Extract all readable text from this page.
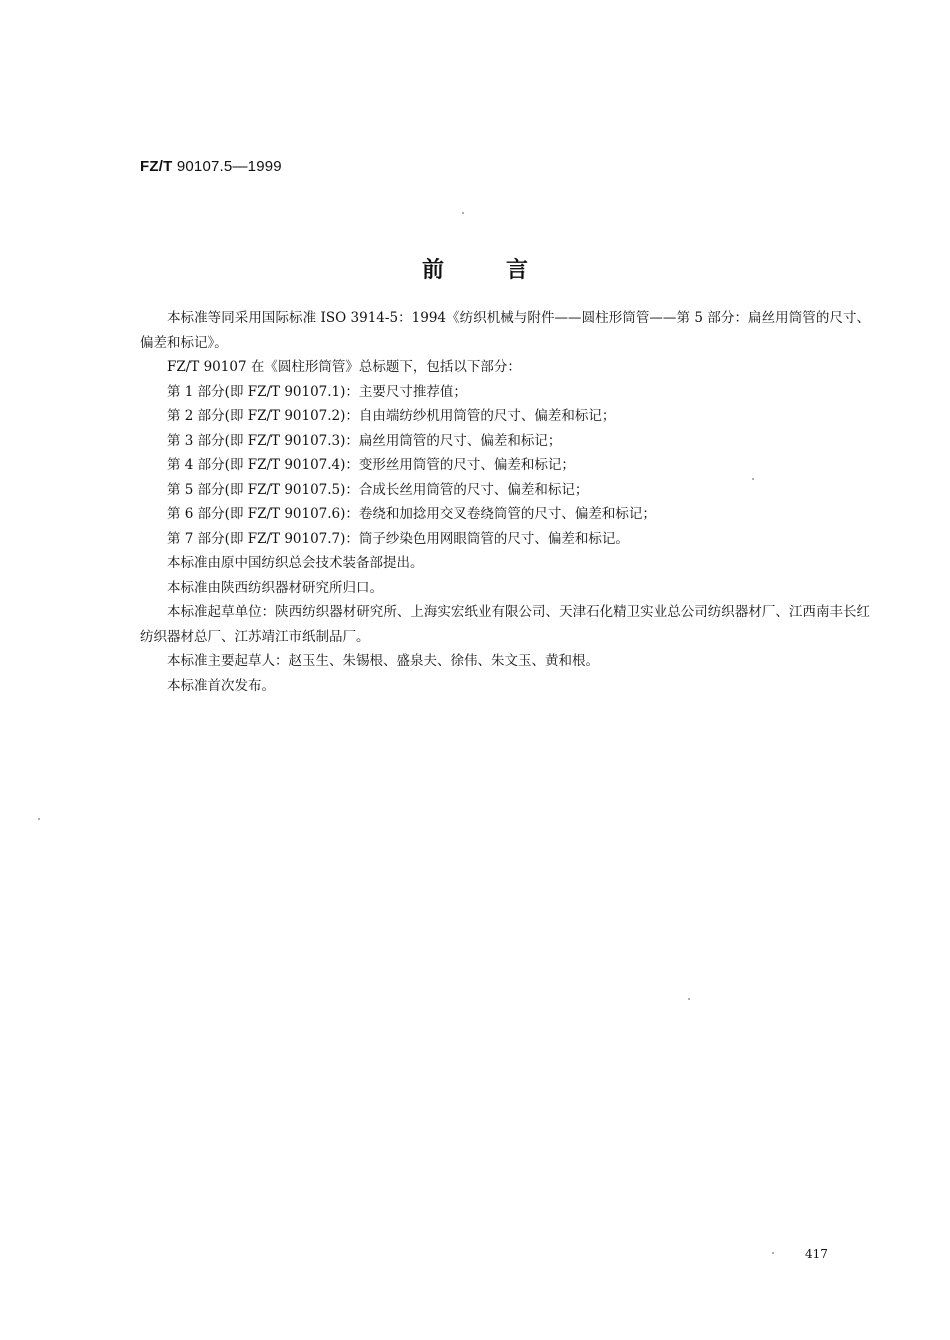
FZ/T 90107.5—1999
前言

本标准等同采用国际标准 ISO 3914-5：1994《纺织机械与附件——圆柱形筒管——第 5 部分：扁丝用筒管的尺寸、偏差和标记》。

FZ/T 90107 在《圆柱形筒管》总标题下，包括以下部分：

第 1 部分(即 FZ/T 90107.1)：主要尺寸推荐值；

第 2 部分(即 FZ/T 90107.2)：自由端纺纱机用筒管的尺寸、偏差和标记；

第 3 部分(即 FZ/T 90107.3)：扁丝用筒管的尺寸、偏差和标记；

第 4 部分(即 FZ/T 90107.4)：变形丝用筒管的尺寸、偏差和标记；

第 5 部分(即 FZ/T 90107.5)：合成长丝用筒管的尺寸、偏差和标记；

第 6 部分(即 FZ/T 90107.6)：卷绕和加捻用交叉卷绕筒管的尺寸、偏差和标记；

第 7 部分(即 FZ/T 90107.7)：筒子纱染色用网眼筒管的尺寸、偏差和标记。

本标准由原中国纺织总会技术装备部提出。

本标准由陕西纺织器材研究所归口。

本标准起草单位：陕西纺织器材研究所、上海实宏纸业有限公司、天津石化精卫实业总公司纺织器材厂、江西南丰长红纺织器材总厂、江苏靖江市纸制品厂。

本标准主要起草人：赵玉生、朱锡根、盛泉夫、徐伟、朱文玉、黄和根。

本标准首次发布。

417
